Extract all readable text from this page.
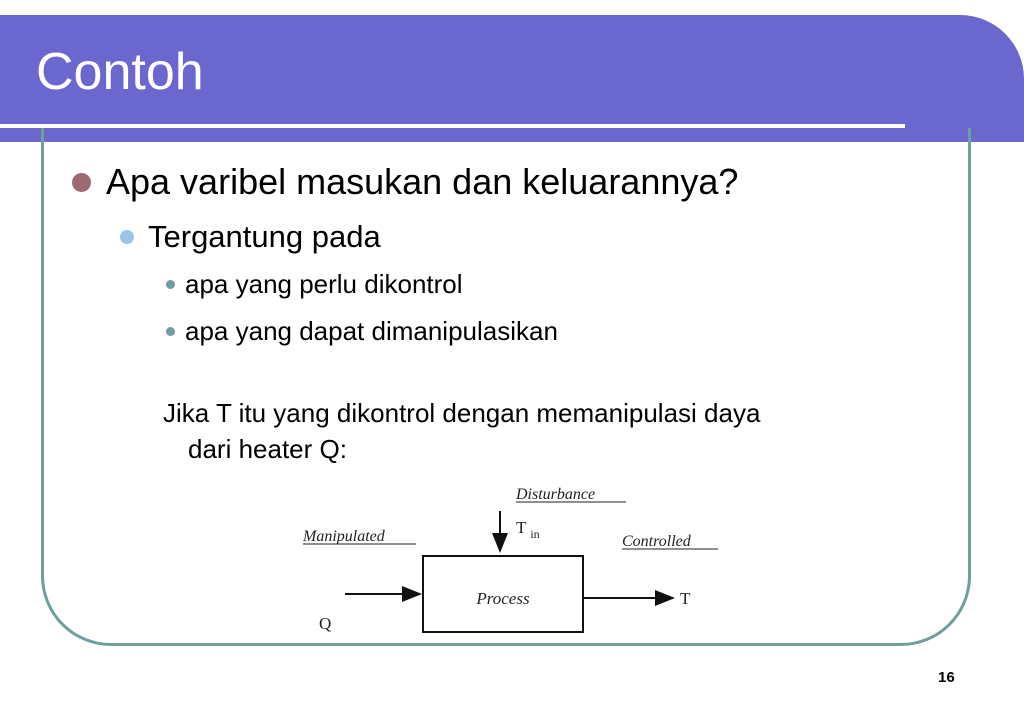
Contoh
Apa varibel masukan dan keluarannya?
Tergantung pada
apa yang perlu dikontrol
apa yang dapat dimanipulasikan
Jika T itu yang dikontrol dengan memanipulasi daya
dari heater Q:
Disturbance
T $_{in}$
Manipulated	Controlled
Process
Q
T
16
